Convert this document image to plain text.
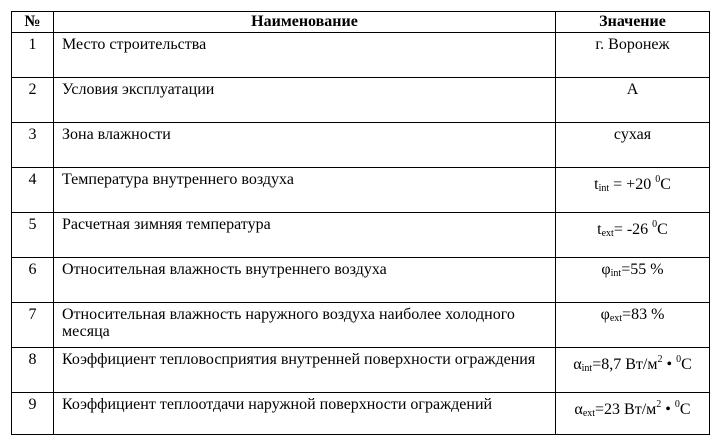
№	Наименование	Значение
1	Место строительства	г. Воронеж
2	Условия эксплуатации	А
3	Зона влажности	сухая
4	Температура внутреннего воздуха	$t_{int} = +20$ $^0$С
5	Расчетная зимняя температура	$t_{ext}= -26$ $^0$С
6	Относительная влажность внутреннего воздуха	$\varphi_{int}=55$ %
7	Относительная влажность наружного воздуха наиболее холодного месяца	$\varphi_{ext}=83$ %
8	Коэффициент тепловосприятия внутренней поверхности ограждения	$\alpha_{int}=8,7$ $Вт/м^2$ • $^0$С
9	Коэффициент теплоотдачи наружной поверхности ограждений	$\alpha_{ext}=23$ $Вт/м^2$ • $^0$С
